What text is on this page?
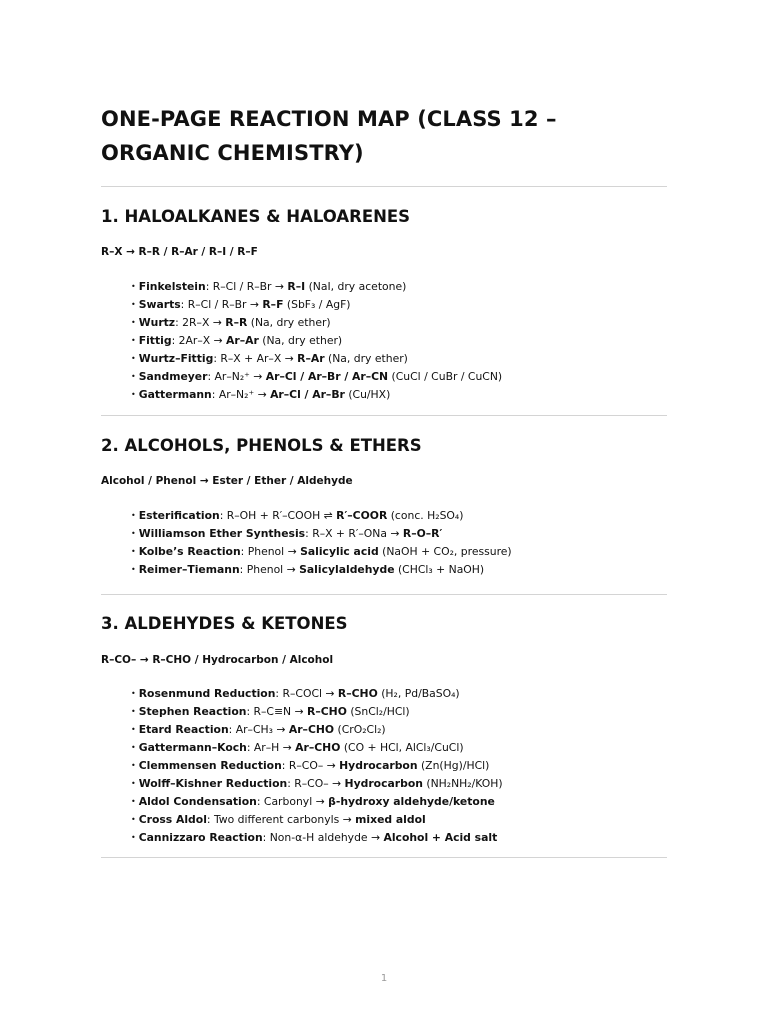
ONE-PAGE REACTION MAP (CLASS 12 – ORGANIC CHEMISTRY)
1. HALOALKANES & HALOARENES

R–X → R–R / R–Ar / R–I / R–F

• Finkelstein: R–Cl / R–Br → R–I (NaI, dry acetone)
• Swarts: R–Cl / R–Br → R–F (SbF₃ / AgF)
• Wurtz: 2R–X → R–R (Na, dry ether)
• Fittig: 2Ar–X → Ar–Ar (Na, dry ether)
• Wurtz–Fittig: R–X + Ar–X → R–Ar (Na, dry ether)
• Sandmeyer: Ar–N₂⁺ → Ar–Cl / Ar–Br / Ar–CN (CuCl / CuBr / CuCN)
• Gattermann: Ar–N₂⁺ → Ar–Cl / Ar–Br (Cu/HX)
2. ALCOHOLS, PHENOLS & ETHERS

Alcohol / Phenol → Ester / Ether / Aldehyde

• Esterification: R–OH + R′–COOH ⇌ R′–COOR (conc. H₂SO₄)
• Williamson Ether Synthesis: R–X + R′–ONa → R–O–R′
• Kolbe’s Reaction: Phenol → Salicylic acid (NaOH + CO₂, pressure)
• Reimer–Tiemann: Phenol → Salicylaldehyde (CHCl₃ + NaOH)
3. ALDEHYDES & KETONES

R–CO– → R–CHO / Hydrocarbon / Alcohol

• Rosenmund Reduction: R–COCl → R–CHO (H₂, Pd/BaSO₄)
• Stephen Reaction: R–C≡N → R–CHO (SnCl₂/HCl)
• Etard Reaction: Ar–CH₃ → Ar–CHO (CrO₂Cl₂)
• Gattermann–Koch: Ar–H → Ar–CHO (CO + HCl, AlCl₃/CuCl)
• Clemmensen Reduction: R–CO– → Hydrocarbon (Zn(Hg)/HCl)
• Wolff–Kishner Reduction: R–CO– → Hydrocarbon (NH₂NH₂/KOH)
• Aldol Condensation: Carbonyl → β-hydroxy aldehyde/ketone
• Cross Aldol: Two different carbonyls → mixed aldol
• Cannizzaro Reaction: Non-α-H aldehyde → Alcohol + Acid salt
1
